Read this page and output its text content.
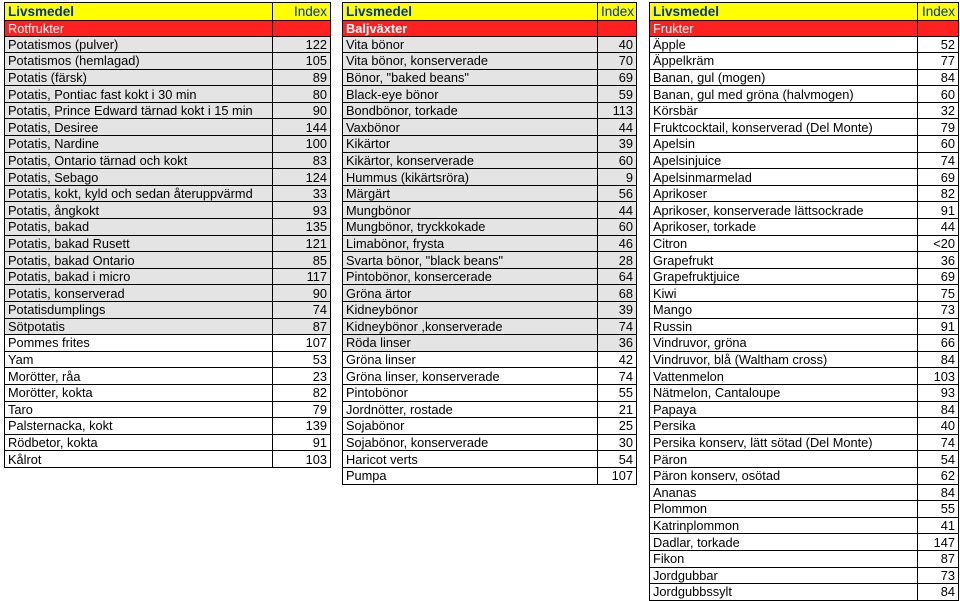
Livsmedel	Index
Rotfrukter	
Potatismos (pulver)	122
Potatismos (hemlagad)	105
Potatis (färsk)	89
Potatis, Pontiac fast kokt i 30 min	80
Potatis, Prince Edward tärnad kokt i 15 min	90
Potatis, Desiree	144
Potatis, Nardine	100
Potatis, Ontario tärnad och kokt	83
Potatis, Sebago	124
Potatis, kokt, kyld och sedan återuppvärmd	33
Potatis, ångkokt	93
Potatis, bakad	135
Potatis, bakad Rusett	121
Potatis, bakad Ontario	85
Potatis, bakad i micro	117
Potatis, konserverad	90
Potatisdumplings	74
Sötpotatis	87
Pommes frites	107
Yam	53
Morötter, råa	23
Morötter, kokta	82
Taro	79
Palsternacka, kokt	139
Rödbetor, kokta	91
Kålrot	103
Livsmedel	Index
Baljväxter	
Vita bönor	40
Vita bönor, konserverade	70
Bönor, "baked beans"	69
Black-eye bönor	59
Bondbönor, torkade	113
Vaxbönor	44
Kikärtor	39
Kikärtor, konserverade	60
Hummus (kikärtsröra)	9
Märgärt	56
Mungbönor	44
Mungbönor, tryckkokade	60
Limabönor, frysta	46
Svarta bönor, "black beans"	28
Pintobönor, konsercerade	64
Gröna ärtor	68
Kidneybönor	39
Kidneybönor ,konserverade	74
Röda linser	36
Gröna linser	42
Gröna linser, konserverade	74
Pintobönor	55
Jordnötter, rostade	21
Sojabönor	25
Sojabönor, konserverade	30
Haricot verts	54
Pumpa	107
Livsmedel	Index
Frukter	
Äpple	52
Äppelkräm	77
Banan, gul (mogen)	84
Banan, gul med gröna (halvmogen)	60
Körsbär	32
Fruktcocktail, konserverad (Del Monte)	79
Apelsin	60
Apelsinjuice	74
Apelsinmarmelad	69
Aprikoser	82
Aprikoser, konserverade lättsockrade	91
Aprikoser, torkade	44
Citron	<20
Grapefrukt	36
Grapefruktjuice	69
Kiwi	75
Mango	73
Russin	91
Vindruvor, gröna	66
Vindruvor, blå (Waltham cross)	84
Vattenmelon	103
Nätmelon, Cantaloupe	93
Papaya	84
Persika	40
Persika konserv, lätt sötad (Del Monte)	74
Päron	54
Päron konserv, osötad	62
Ananas	84
Plommon	55
Katrinplommon	41
Dadlar, torkade	147
Fikon	87
Jordgubbar	73
Jordgubbssylt	84
